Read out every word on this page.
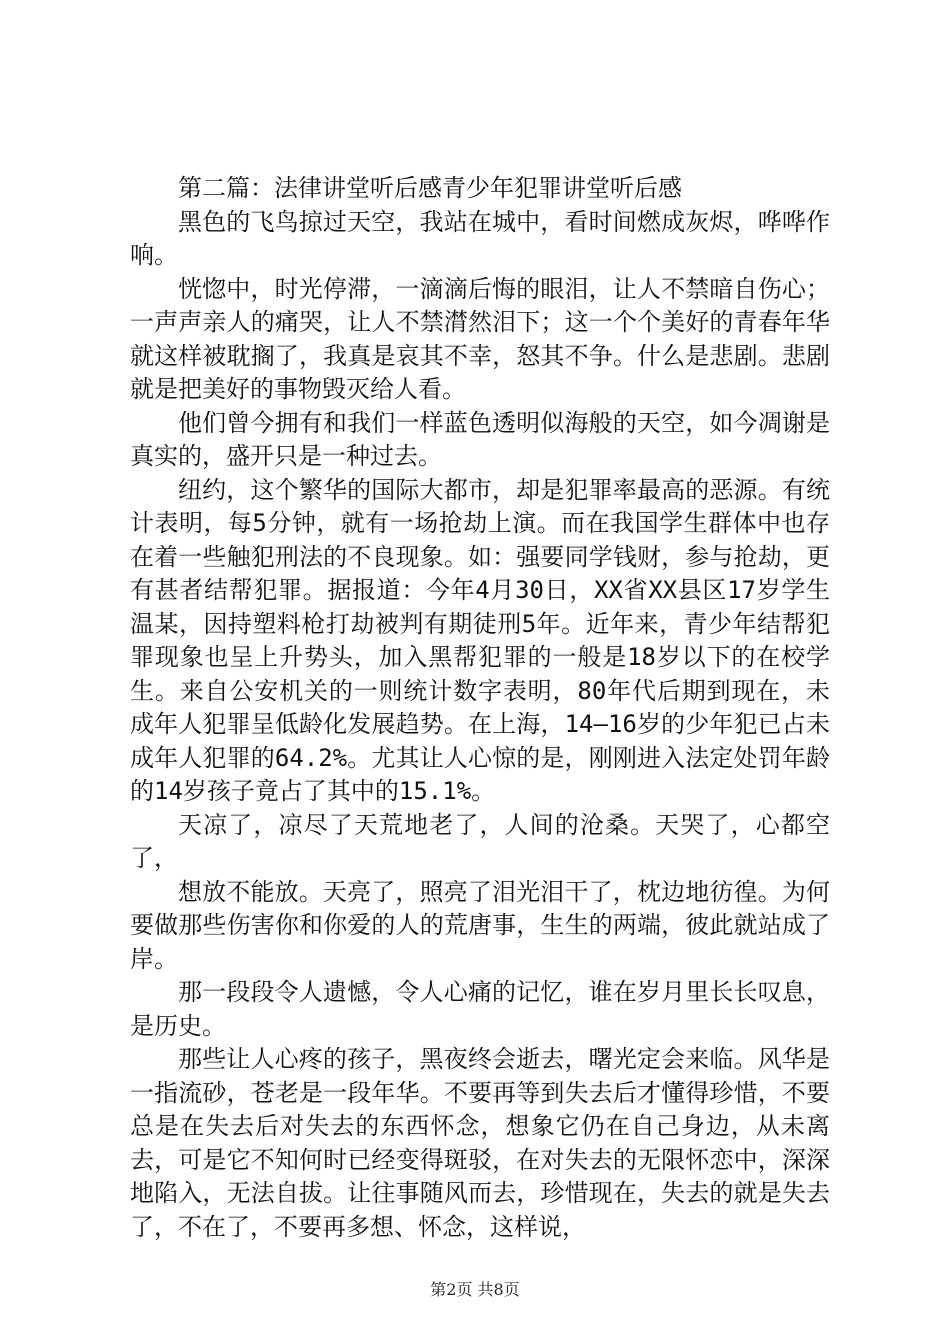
第二篇：法律讲堂听后感青少年犯罪讲堂听后感

黑色的飞鸟掠过天空，我站在城中，看时间燃成灰烬，哗哗作响。

恍惚中，时光停滞，一滴滴后悔的眼泪，让人不禁暗自伤心；一声声亲人的痛哭，让人不禁潸然泪下；这一个个美好的青春年华就这样被耽搁了，我真是哀其不幸，怒其不争。什么是悲剧。悲剧就是把美好的事物毁灭给人看。

他们曾今拥有和我们一样蓝色透明似海般的天空，如今凋谢是真实的，盛开只是一种过去。

纽约，这个繁华的国际大都市，却是犯罪率最高的恶源。有统计表明，每5分钟，就有一场抢劫上演。而在我国学生群体中也存在着一些触犯刑法的不良现象。如：强要同学钱财，参与抢劫，更有甚者结帮犯罪。据报道：今年4月30日，XX省XX县区17岁学生温某，因持塑料枪打劫被判有期徒刑5年。近年来，青少年结帮犯罪现象也呈上升势头，加入黑帮犯罪的一般是18岁以下的在校学生。来自公安机关的一则统计数字表明，80年代后期到现在，未成年人犯罪呈低龄化发展趋势。在上海，14—16岁的少年犯已占未成年人犯罪的64.2%。尤其让人心惊的是，刚刚进入法定处罚年龄的14岁孩子竟占了其中的15.1%。

天凉了，凉尽了天荒地老了，人间的沧桑。天哭了，心都空了，

想放不能放。天亮了，照亮了泪光泪干了，枕边地彷徨。为何要做那些伤害你和你爱的人的荒唐事，生生的两端，彼此就站成了岸。

那一段段令人遗憾，令人心痛的记忆，谁在岁月里长长叹息，是历史。

那些让人心疼的孩子，黑夜终会逝去，曙光定会来临。风华是一指流砂，苍老是一段年华。不要再等到失去后才懂得珍惜，不要总是在失去后对失去的东西怀念，想象它仍在自己身边，从未离去，可是它不知何时已经变得斑驳，在对失去的无限怀恋中，深深地陷入，无法自拔。让往事随风而去，珍惜现在，失去的就是失去了，不在了，不要再多想、怀念，这样说，

第2页 共8页
